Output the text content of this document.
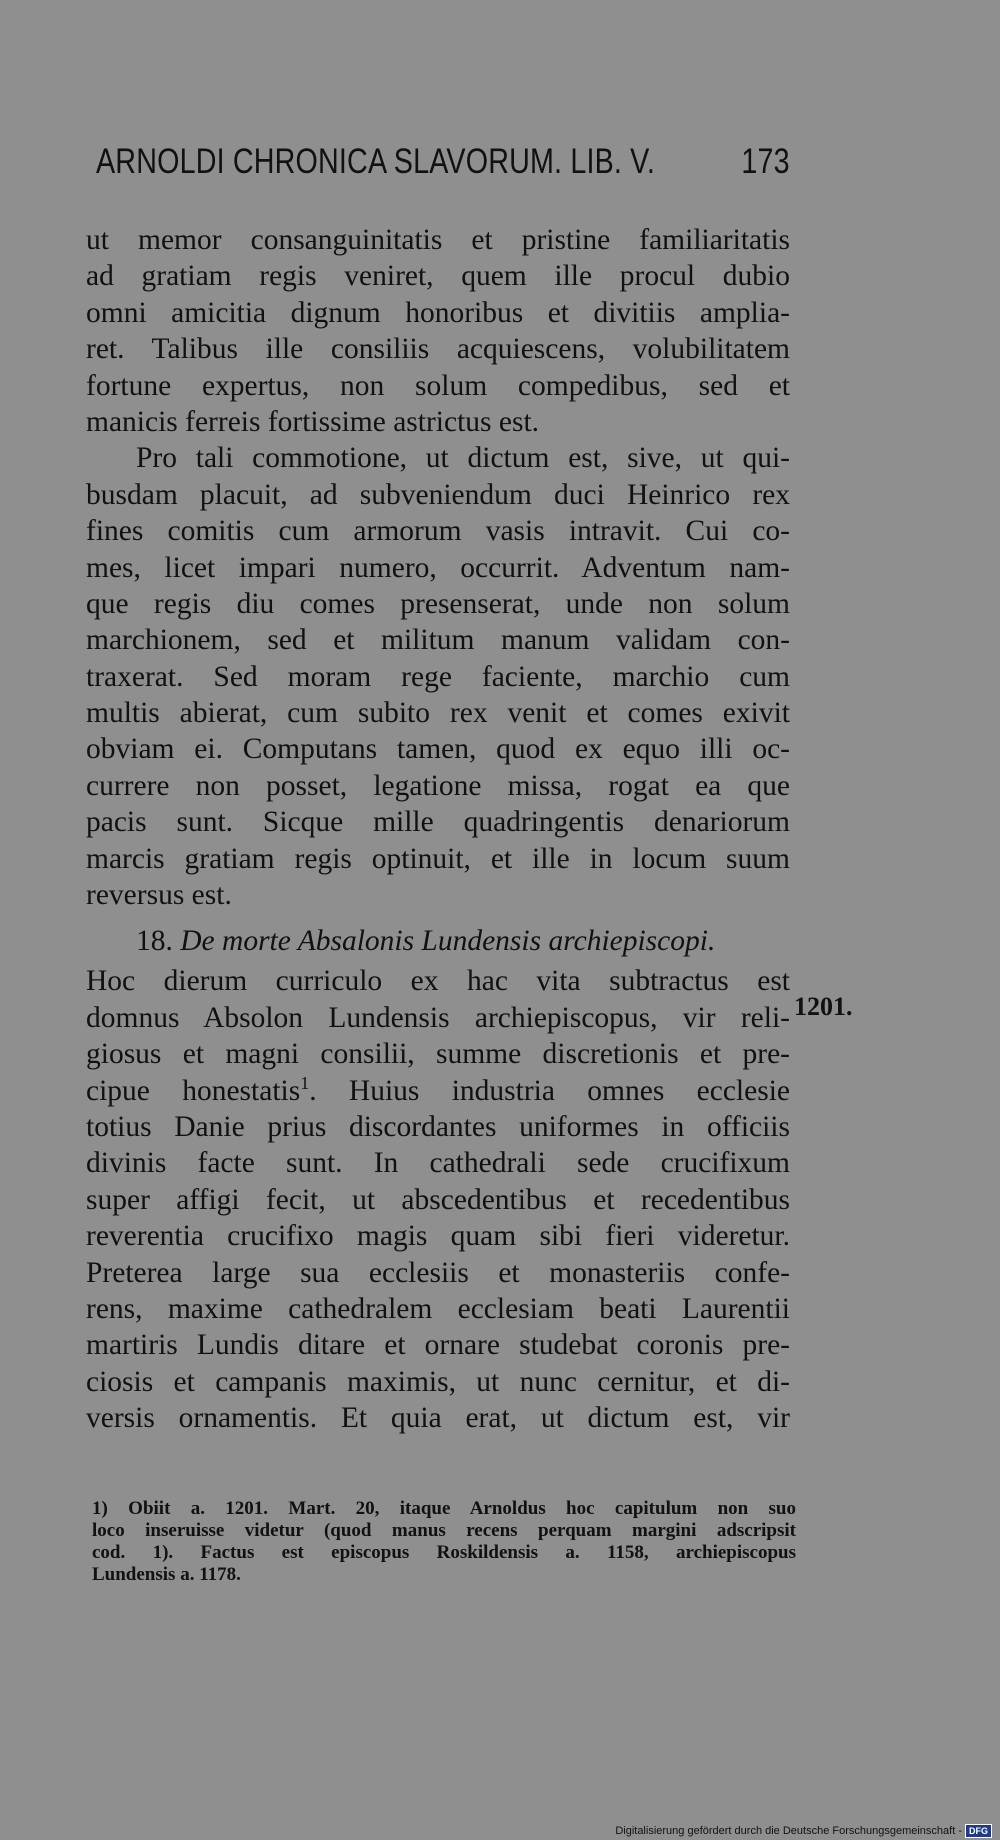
ARNOLDI CHRONICA SLAVORUM. LIB. V. 173
ut memor consanguinitatis et pristine familiaritatis
ad gratiam regis veniret, quem ille procul dubio
omni amicitia dignum honoribus et divitiis amplia-
ret. Talibus ille consiliis acquiescens, volubilitatem
fortune expertus, non solum compedibus, sed et
manicis ferreis fortissime astrictus est.
Pro tali commotione, ut dictum est, sive, ut qui-
busdam placuit, ad subveniendum duci Heinrico rex
fines comitis cum armorum vasis intravit. Cui co-
mes, licet impari numero, occurrit. Adventum nam-
que regis diu comes presenserat, unde non solum
marchionem, sed et militum manum validam con-
traxerat. Sed moram rege faciente, marchio cum
multis abierat, cum subito rex venit et comes exivit
obviam ei. Computans tamen, quod ex equo illi oc-
currere non posset, legatione missa, rogat ea que
pacis sunt. Sicque mille quadringentis denariorum
marcis gratiam regis optinuit, et ille in locum suum
reversus est.
18. De morte Absalonis Lundensis archiepiscopi.
Hoc dierum curriculo ex hac vita subtractus est
domnus Absolon Lundensis archiepiscopus, vir reli-
giosus et magni consilii, summe discretionis et pre-
cipue honestatis$^1$. Huius industria omnes ecclesie
totius Danie prius discordantes uniformes in officiis
divinis facte sunt. In cathedrali sede crucifixum
super affigi fecit, ut abscedentibus et recedentibus
reverentia crucifixo magis quam sibi fieri videretur.
Preterea large sua ecclesiis et monasteriis confe-
rens, maxime cathedralem ecclesiam beati Laurentii
martiris Lundis ditare et ornare studebat coronis pre-
ciosis et campanis maximis, ut nunc cernitur, et di-
versis ornamentis. Et quia erat, ut dictum est, vir
1201.
1) Obiit a. 1201. Mart. 20, itaque Arnoldus hoc capitulum non suo
loco inseruisse videtur (quod manus recens perquam margini adscripsit
cod. 1). Factus est episcopus Roskildensis a. 1158, archiepiscopus
Lundensis a. 1178.
Digitalisierung gefördert durch die Deutsche Forschungsgemeinschaft - DFG
